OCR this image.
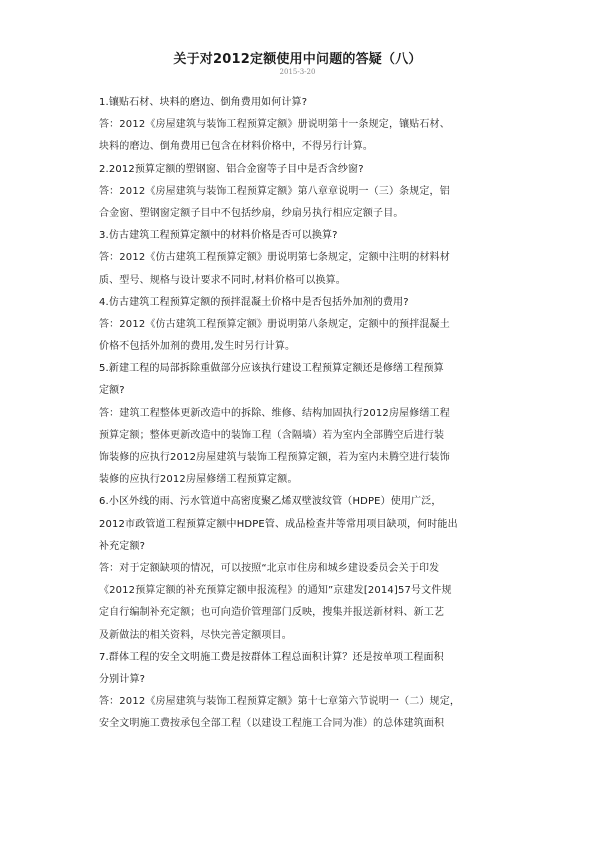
关于对2012定额使用中问题的答疑（八）
2015-3-20
1.镶贴石材、块料的磨边、倒角费用如何计算?
答：2012《房屋建筑与装饰工程预算定额》册说明第十一条规定，镶贴石材、
块料的磨边、倒角费用已包含在材料价格中，不得另行计算。
2.2012预算定额的塑钢窗、铝合金窗等子目中是否含纱窗?
答：2012《房屋建筑与装饰工程预算定额》第八章章说明一（三）条规定，铝
合金窗、塑钢窗定额子目中不包括纱扇，纱扇另执行相应定额子目。
3.仿古建筑工程预算定额中的材料价格是否可以换算?
答：2012《仿古建筑工程预算定额》册说明第七条规定，定额中注明的材料材
质、型号、规格与设计要求不同时,材料价格可以换算。
4.仿古建筑工程预算定额的预拌混凝土价格中是否包括外加剂的费用?
答：2012《仿古建筑工程预算定额》册说明第八条规定，定额中的预拌混凝土
价格不包括外加剂的费用,发生时另行计算。
5.新建工程的局部拆除重做部分应该执行建设工程预算定额还是修缮工程预算
定额?
答：建筑工程整体更新改造中的拆除、维修、结构加固执行2012房屋修缮工程
预算定额；整体更新改造中的装饰工程（含隔墙）若为室内全部腾空后进行装
饰装修的应执行2012房屋建筑与装饰工程预算定额，若为室内未腾空进行装饰
装修的应执行2012房屋修缮工程预算定额。
6.小区外线的雨、污水管道中高密度聚乙烯双壁波纹管（HDPE）使用广泛，
2012市政管道工程预算定额中HDPE管、成品检查井等常用项目缺项，何时能出
补充定额?
答：对于定额缺项的情况，可以按照“北京市住房和城乡建设委员会关于印发
《2012预算定额的补充预算定额申报流程》的通知”京建发[2014]57号文件规
定自行编制补充定额；也可向造价管理部门反映，搜集并报送新材料、新工艺
及新做法的相关资料，尽快完善定额项目。
7.群体工程的安全文明施工费是按群体工程总面积计算？还是按单项工程面积
分别计算?
答：2012《房屋建筑与装饰工程预算定额》第十七章第六节说明一（二）规定，
安全文明施工费按承包全部工程（以建设工程施工合同为准）的总体建筑面积
